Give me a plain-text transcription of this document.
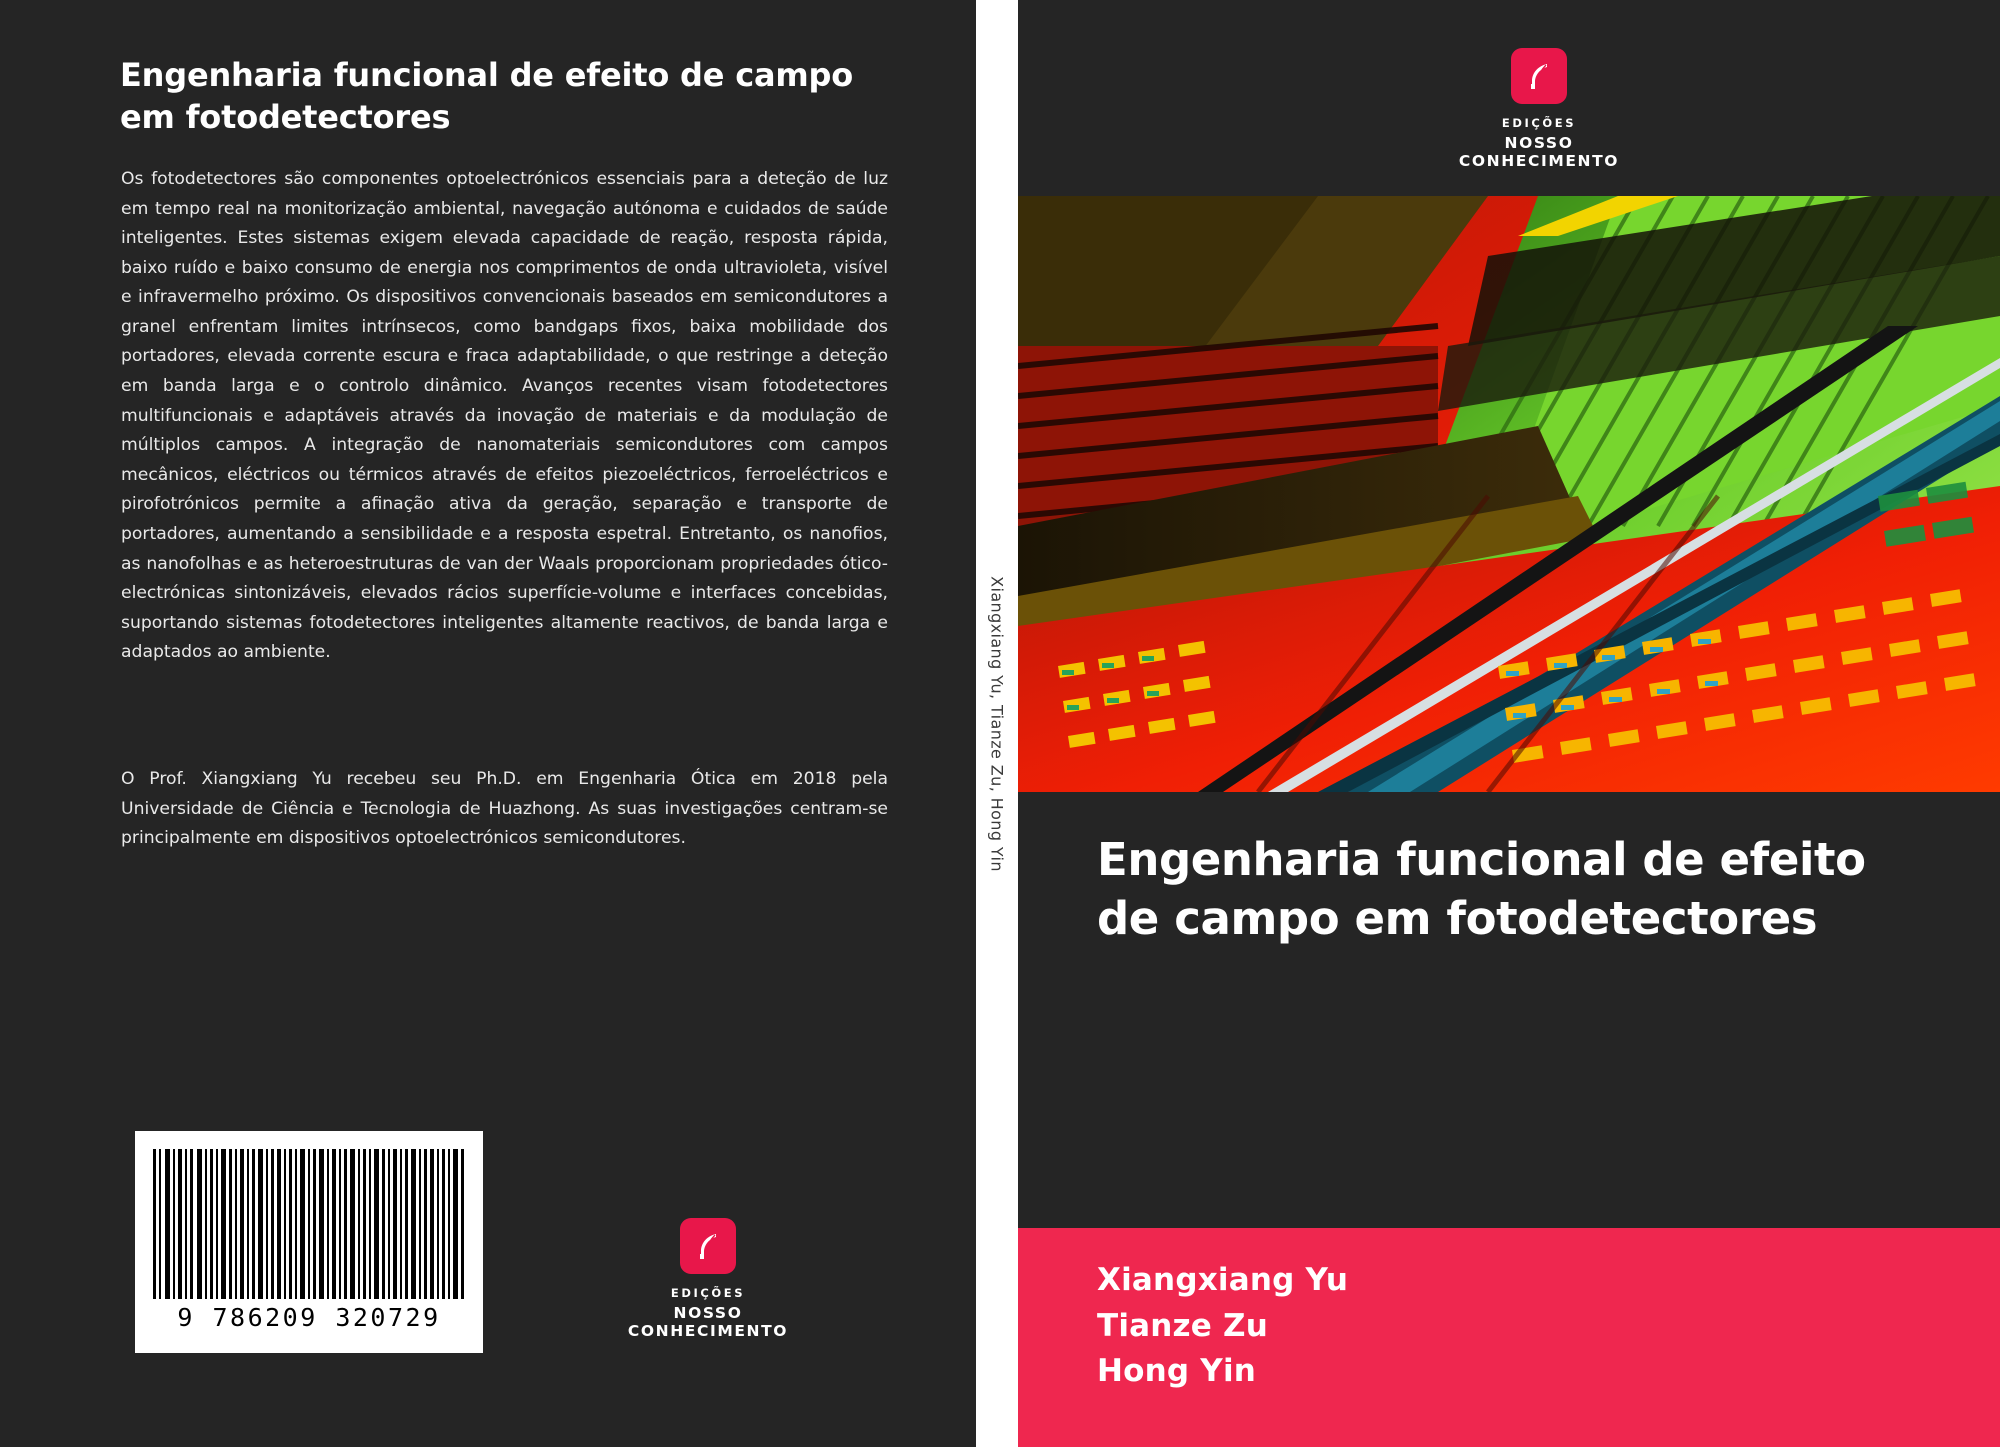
Engenharia funcional de efeito de campo em fotodetectores
Os fotodetectores são componentes optoelectrónicos essenciais para a deteção de luz em tempo real na monitorização ambiental, navegação autónoma e cuidados de saúde inteligentes. Estes sistemas exigem elevada capacidade de reação, resposta rápida, baixo ruído e baixo consumo de energia nos comprimentos de onda ultravioleta, visível e infravermelho próximo. Os dispositivos convencionais baseados em semicondutores a granel enfrentam limites intrínsecos, como bandgaps fixos, baixa mobilidade dos portadores, elevada corrente escura e fraca adaptabilidade, o que restringe a deteção em banda larga e o controlo dinâmico. Avanços recentes visam fotodetectores multifuncionais e adaptáveis através da inovação de materiais e da modulação de múltiplos campos. A integração de nanomateriais semicondutores com campos mecânicos, eléctricos ou térmicos através de efeitos piezoeléctricos, ferroeléctricos e pirofotrónicos permite a afinação ativa da geração, separação e transporte de portadores, aumentando a sensibilidade e a resposta espetral. Entretanto, os nanofios, as nanofolhas e as heteroestruturas de van der Waals proporcionam propriedades ótico-electrónicas sintonizáveis, elevados rácios superfície-volume e interfaces concebidas, suportando sistemas fotodetectores inteligentes altamente reactivos, de banda larga e adaptados ao ambiente.
O Prof. Xiangxiang Yu recebeu seu Ph.D. em Engenharia Ótica em 2018 pela Universidade de Ciência e Tecnologia de Huazhong. As suas investigações centram-se principalmente em dispositivos optoelectrónicos semicondutores.
9 786209 320729
EDIÇÕES
NOSSO CONHECIMENTO
Xiangxiang Yu, Tianze Zu, Hong Yin
EDIÇÕES
NOSSO CONHECIMENTO
Engenharia funcional de efeito de campo em fotodetectores
Xiangxiang Yu
Tianze Zu
Hong Yin
